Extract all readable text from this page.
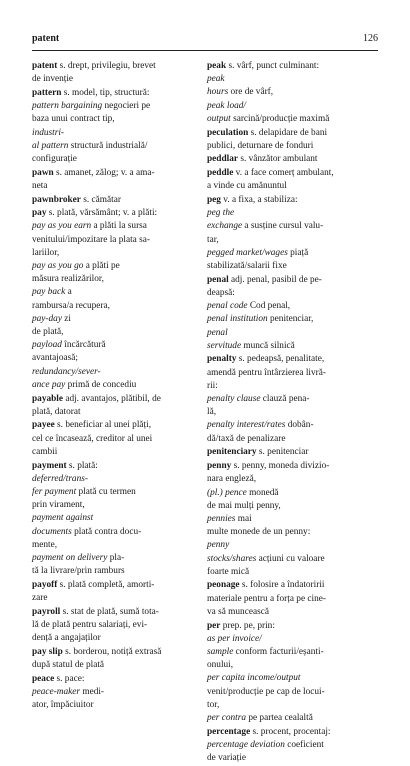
patent	126
patent s. drept, privilegiu, brevet
de invenție
pattern s. model, tip, structură:
pattern bargaining negocieri pe
baza unui contract tip,
industri-
al pattern structură industrială/
configurație
pawn s. amanet, zălog; v. a ama-
neta
pawnbroker s. cămătar
pay s. plată, vărsământ; v. a plăti:
pay as you earn a plăti la sursa
venitului/impozitare la plata sa-
lariilor,
pay as you go a plăti pe
măsura realizărilor,
pay back a
rambursa/a recupera,
pay-day zi
de plată,
payload încărcătură
avantajoasă;
redundancy/sever-
ance pay primă de concediu
payable adj. avantajos, plătibil, de
plată, datorat
payee s. beneficiar al unei plăți,
cel ce încasează, creditor al unei
cambii
payment s. plată:
deferred/trans-
fer payment plată cu termen
prin virament,
payment against
documents plată contra docu-
mente,
payment on delivery pla-
tă la livrare/prin ramburs
payoff s. plată completă, amorti-
zare
payroll s. stat de plată, sumă tota-
lă de plată pentru salariați, evi-
dență a angajaților
pay slip s. borderou, notiță extrasă
după statul de plată
peace s. pace:
peace-maker medi-
ator, împăciuitor
peak s. vârf, punct culminant:
peak
hours ore de vârf,
peak load/
output sarcină/producție maximă
peculation s. delapidare de bani
publici, deturnare de fonduri
peddlar s. vânzător ambulant
peddle v. a face comerț ambulant,
a vinde cu amănuntul
peg v. a fixa, a stabiliza:
peg the
exchange a susține cursul valu-
tar,
pegged market/wages piață
stabilizată/salarii fixe
penal adj. penal, pasibil de pe-
deapsă:
penal code Cod penal,
penal institution penitenciar,
penal
servitude muncă silnică
penalty s. pedeapsă, penalitate,
amendă pentru întârzierea livră-
rii:
penalty clause clauză pena-
lă,
penalty interest/rates dobân-
dă/taxă de penalizare
penitenciary s. penitenciar
penny s. penny, moneda divizio-
nara engleză,
(pl.) pence monedă
de mai mulți penny,
pennies mai
multe monede de un penny:
penny
stocks/shares acțiuni cu valoare
foarte mică
peonage s. folosire a îndatoririi
materiale pentru a forța pe cine-
va să muncească
per prep. pe, prin:
as per invoice/
sample conform facturii/eșanti-
onului,
per capita income/output
venit/producție pe cap de locui-
tor,
per contra pe partea cealaltă
percentage s. procent, procentaj:
percentage deviation coeficient
de variație
